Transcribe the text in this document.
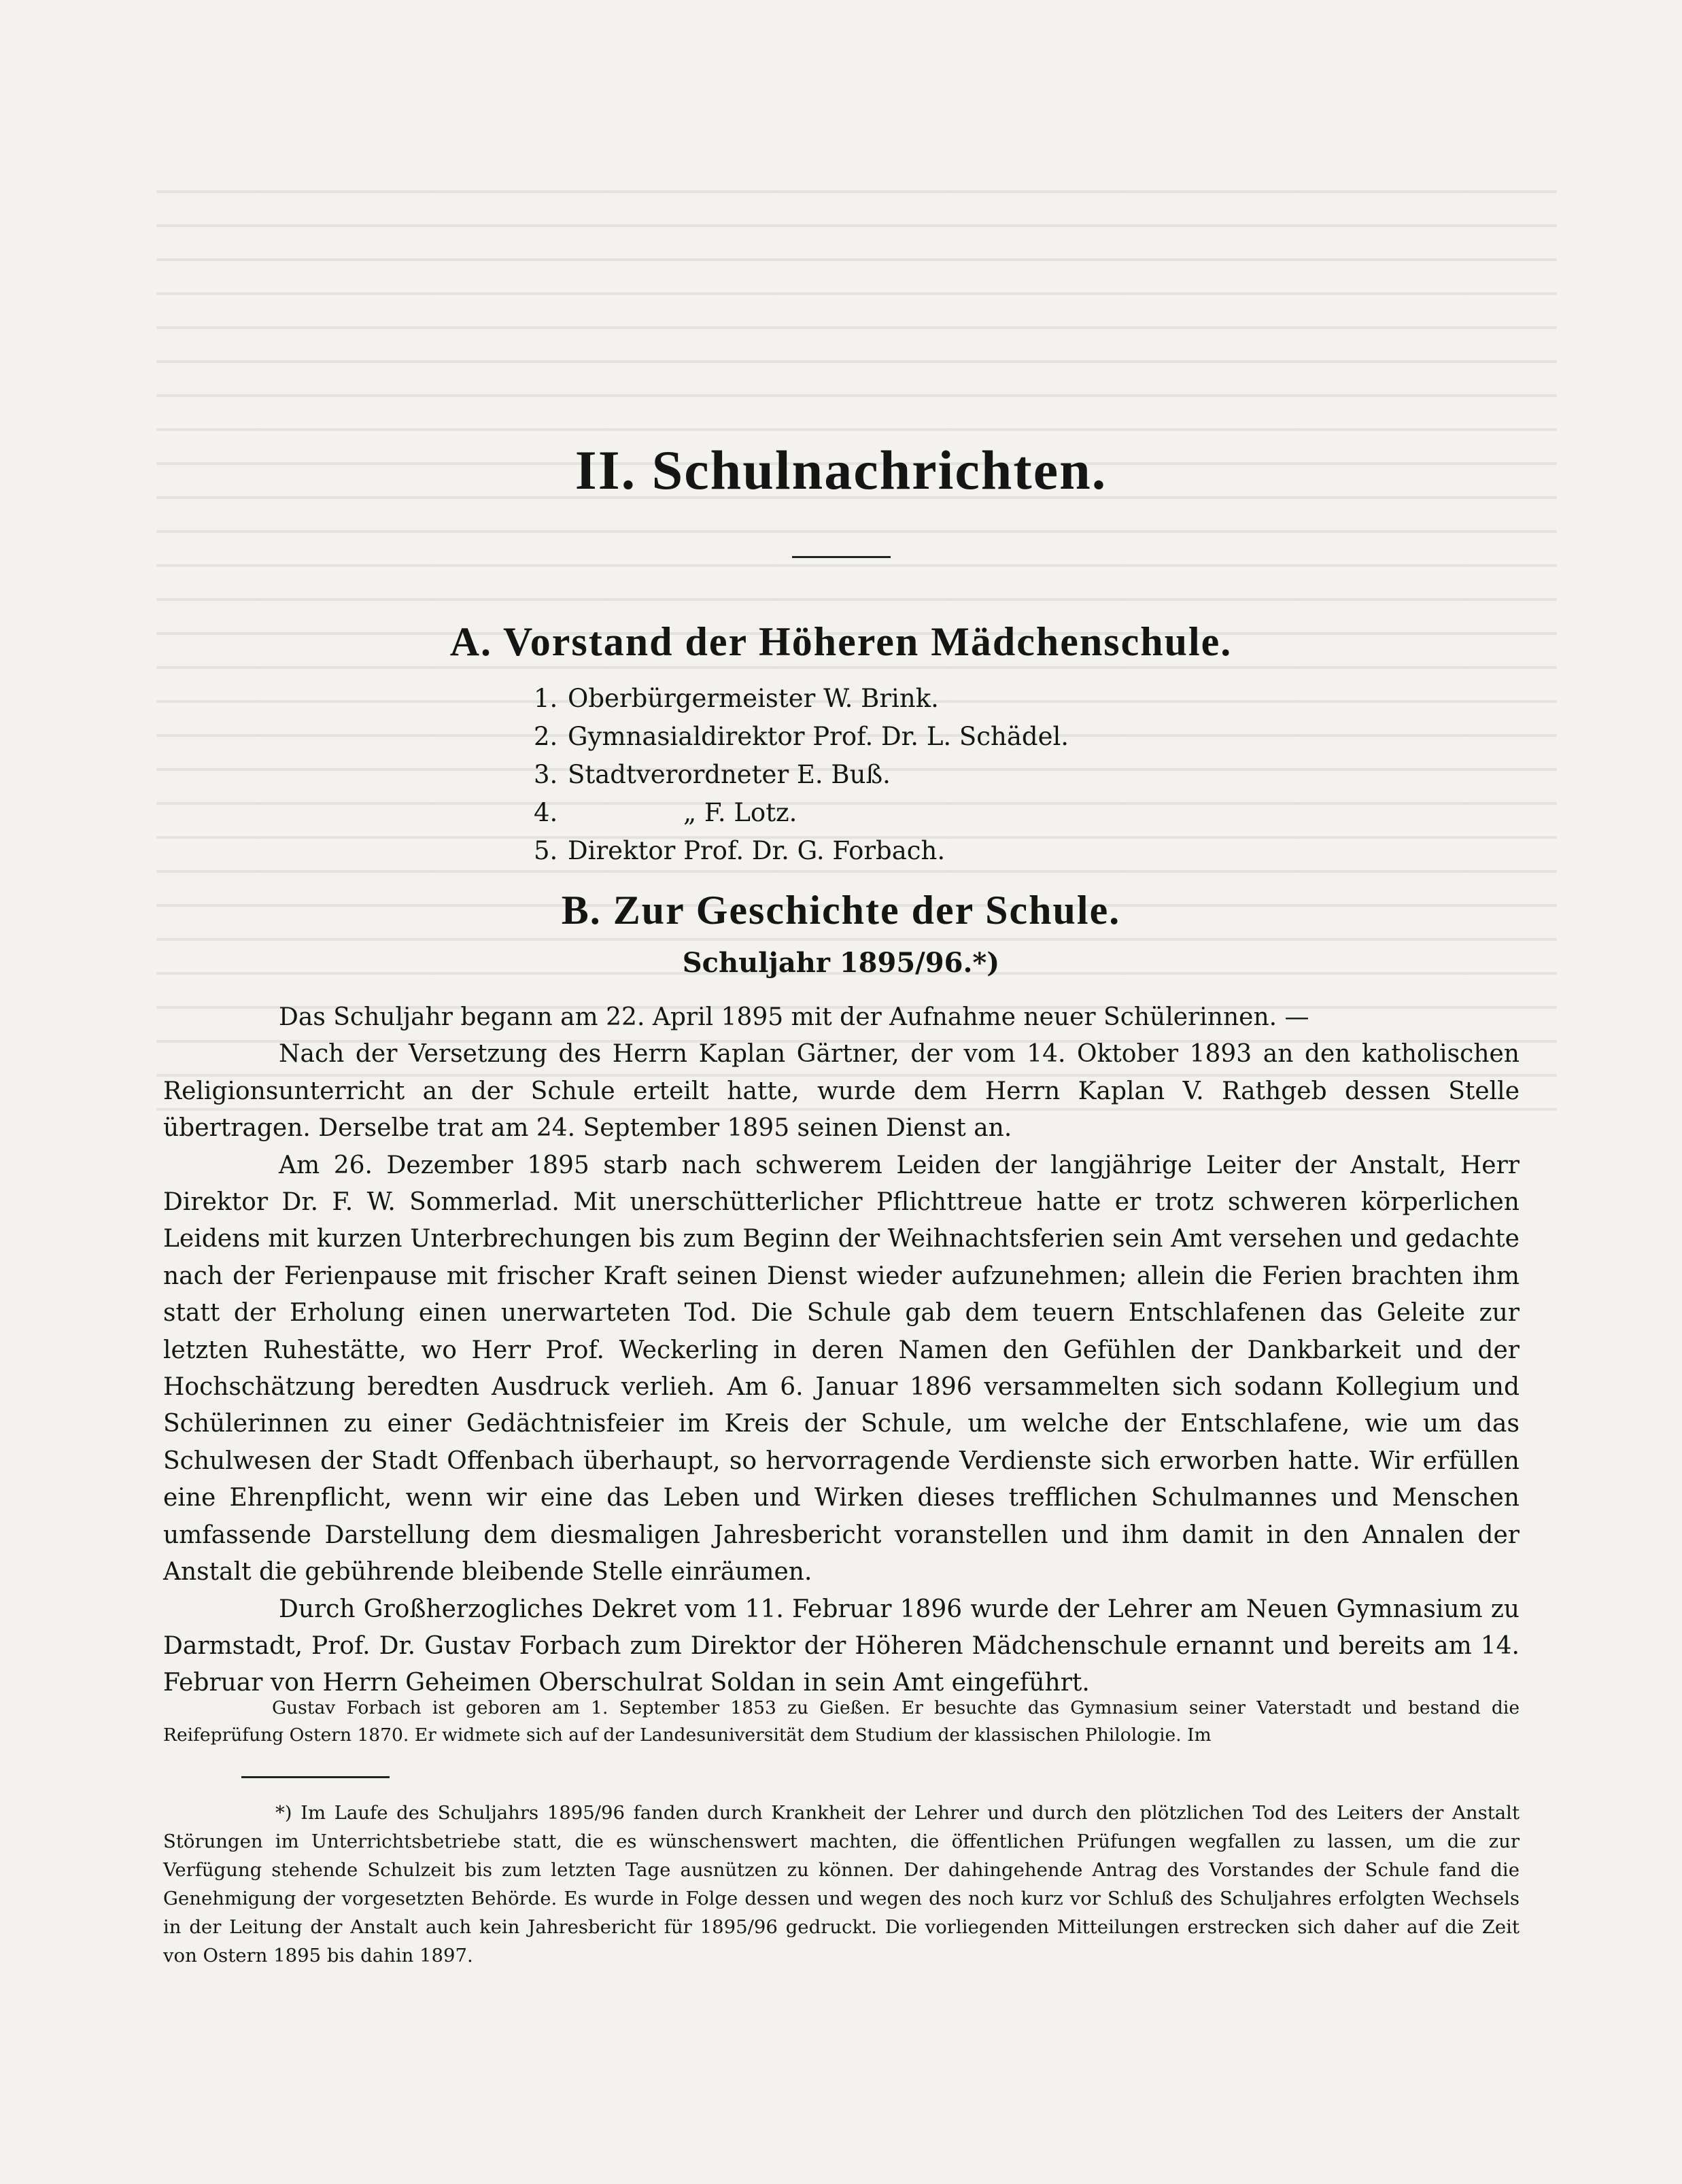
II. Schulnachrichten.
A. Vorstand der Höheren Mädchenschule.
1. Oberbürgermeister W. Brink.
2. Gymnasialdirektor Prof. Dr. L. Schädel.
3. Stadtverordneter E. Buß.
4.	„ F. Lotz.
5. Direktor Prof. Dr. G. Forbach.
B. Zur Geschichte der Schule.
Schuljahr 1895/96.*)

Das Schuljahr begann am 22. April 1895 mit der Aufnahme neuer Schülerinnen. —

Nach der Versetzung des Herrn Kaplan Gärtner, der vom 14. Oktober 1893 an den katholischen Religionsunterricht an der Schule erteilt hatte, wurde dem Herrn Kaplan V. Rathgeb dessen Stelle übertragen. Derselbe trat am 24. September 1895 seinen Dienst an.

Am 26. Dezember 1895 starb nach schwerem Leiden der langjährige Leiter der Anstalt, Herr Direktor Dr. F. W. Sommerlad. Mit unerschütterlicher Pflichttreue hatte er trotz schweren körperlichen Leidens mit kurzen Unterbrechungen bis zum Beginn der Weihnachtsferien sein Amt versehen und gedachte nach der Ferienpause mit frischer Kraft seinen Dienst wieder aufzunehmen; allein die Ferien brachten ihm statt der Erholung einen unerwarteten Tod. Die Schule gab dem teuern Entschlafenen das Geleite zur letzten Ruhestätte, wo Herr Prof. Weckerling in deren Namen den Gefühlen der Dankbarkeit und der Hochschätzung beredten Ausdruck verlieh. Am 6. Januar 1896 versammelten sich sodann Kollegium und Schülerinnen zu einer Gedächtnisfeier im Kreis der Schule, um welche der Entschlafene, wie um das Schulwesen der Stadt Offenbach überhaupt, so hervorragende Verdienste sich erworben hatte. Wir erfüllen eine Ehrenpflicht, wenn wir eine das Leben und Wirken dieses trefflichen Schulmannes und Menschen umfassende Darstellung dem diesmaligen Jahresbericht voranstellen und ihm damit in den Annalen der Anstalt die gebührende bleibende Stelle einräumen.

Durch Großherzogliches Dekret vom 11. Februar 1896 wurde der Lehrer am Neuen Gymnasium zu Darmstadt, Prof. Dr. Gustav Forbach zum Direktor der Höheren Mädchenschule ernannt und bereits am 14. Februar von Herrn Geheimen Oberschulrat Soldan in sein Amt eingeführt.

Gustav Forbach ist geboren am 1. September 1853 zu Gießen. Er besuchte das Gymnasium seiner Vaterstadt und bestand die Reifeprüfung Ostern 1870. Er widmete sich auf der Landesuniversität dem Studium der klassischen Philologie. Im

*) Im Laufe des Schuljahrs 1895/96 fanden durch Krankheit der Lehrer und durch den plötzlichen Tod des Leiters der Anstalt Störungen im Unterrichtsbetriebe statt, die es wünschenswert machten, die öffentlichen Prüfungen wegfallen zu lassen, um die zur Verfügung stehende Schulzeit bis zum letzten Tage ausnützen zu können. Der dahingehende Antrag des Vorstandes der Schule fand die Genehmigung der vorgesetzten Behörde. Es wurde in Folge dessen und wegen des noch kurz vor Schluß des Schuljahres erfolgten Wechsels in der Leitung der Anstalt auch kein Jahresbericht für 1895/96 gedruckt. Die vorliegenden Mitteilungen erstrecken sich daher auf die Zeit von Ostern 1895 bis dahin 1897.
